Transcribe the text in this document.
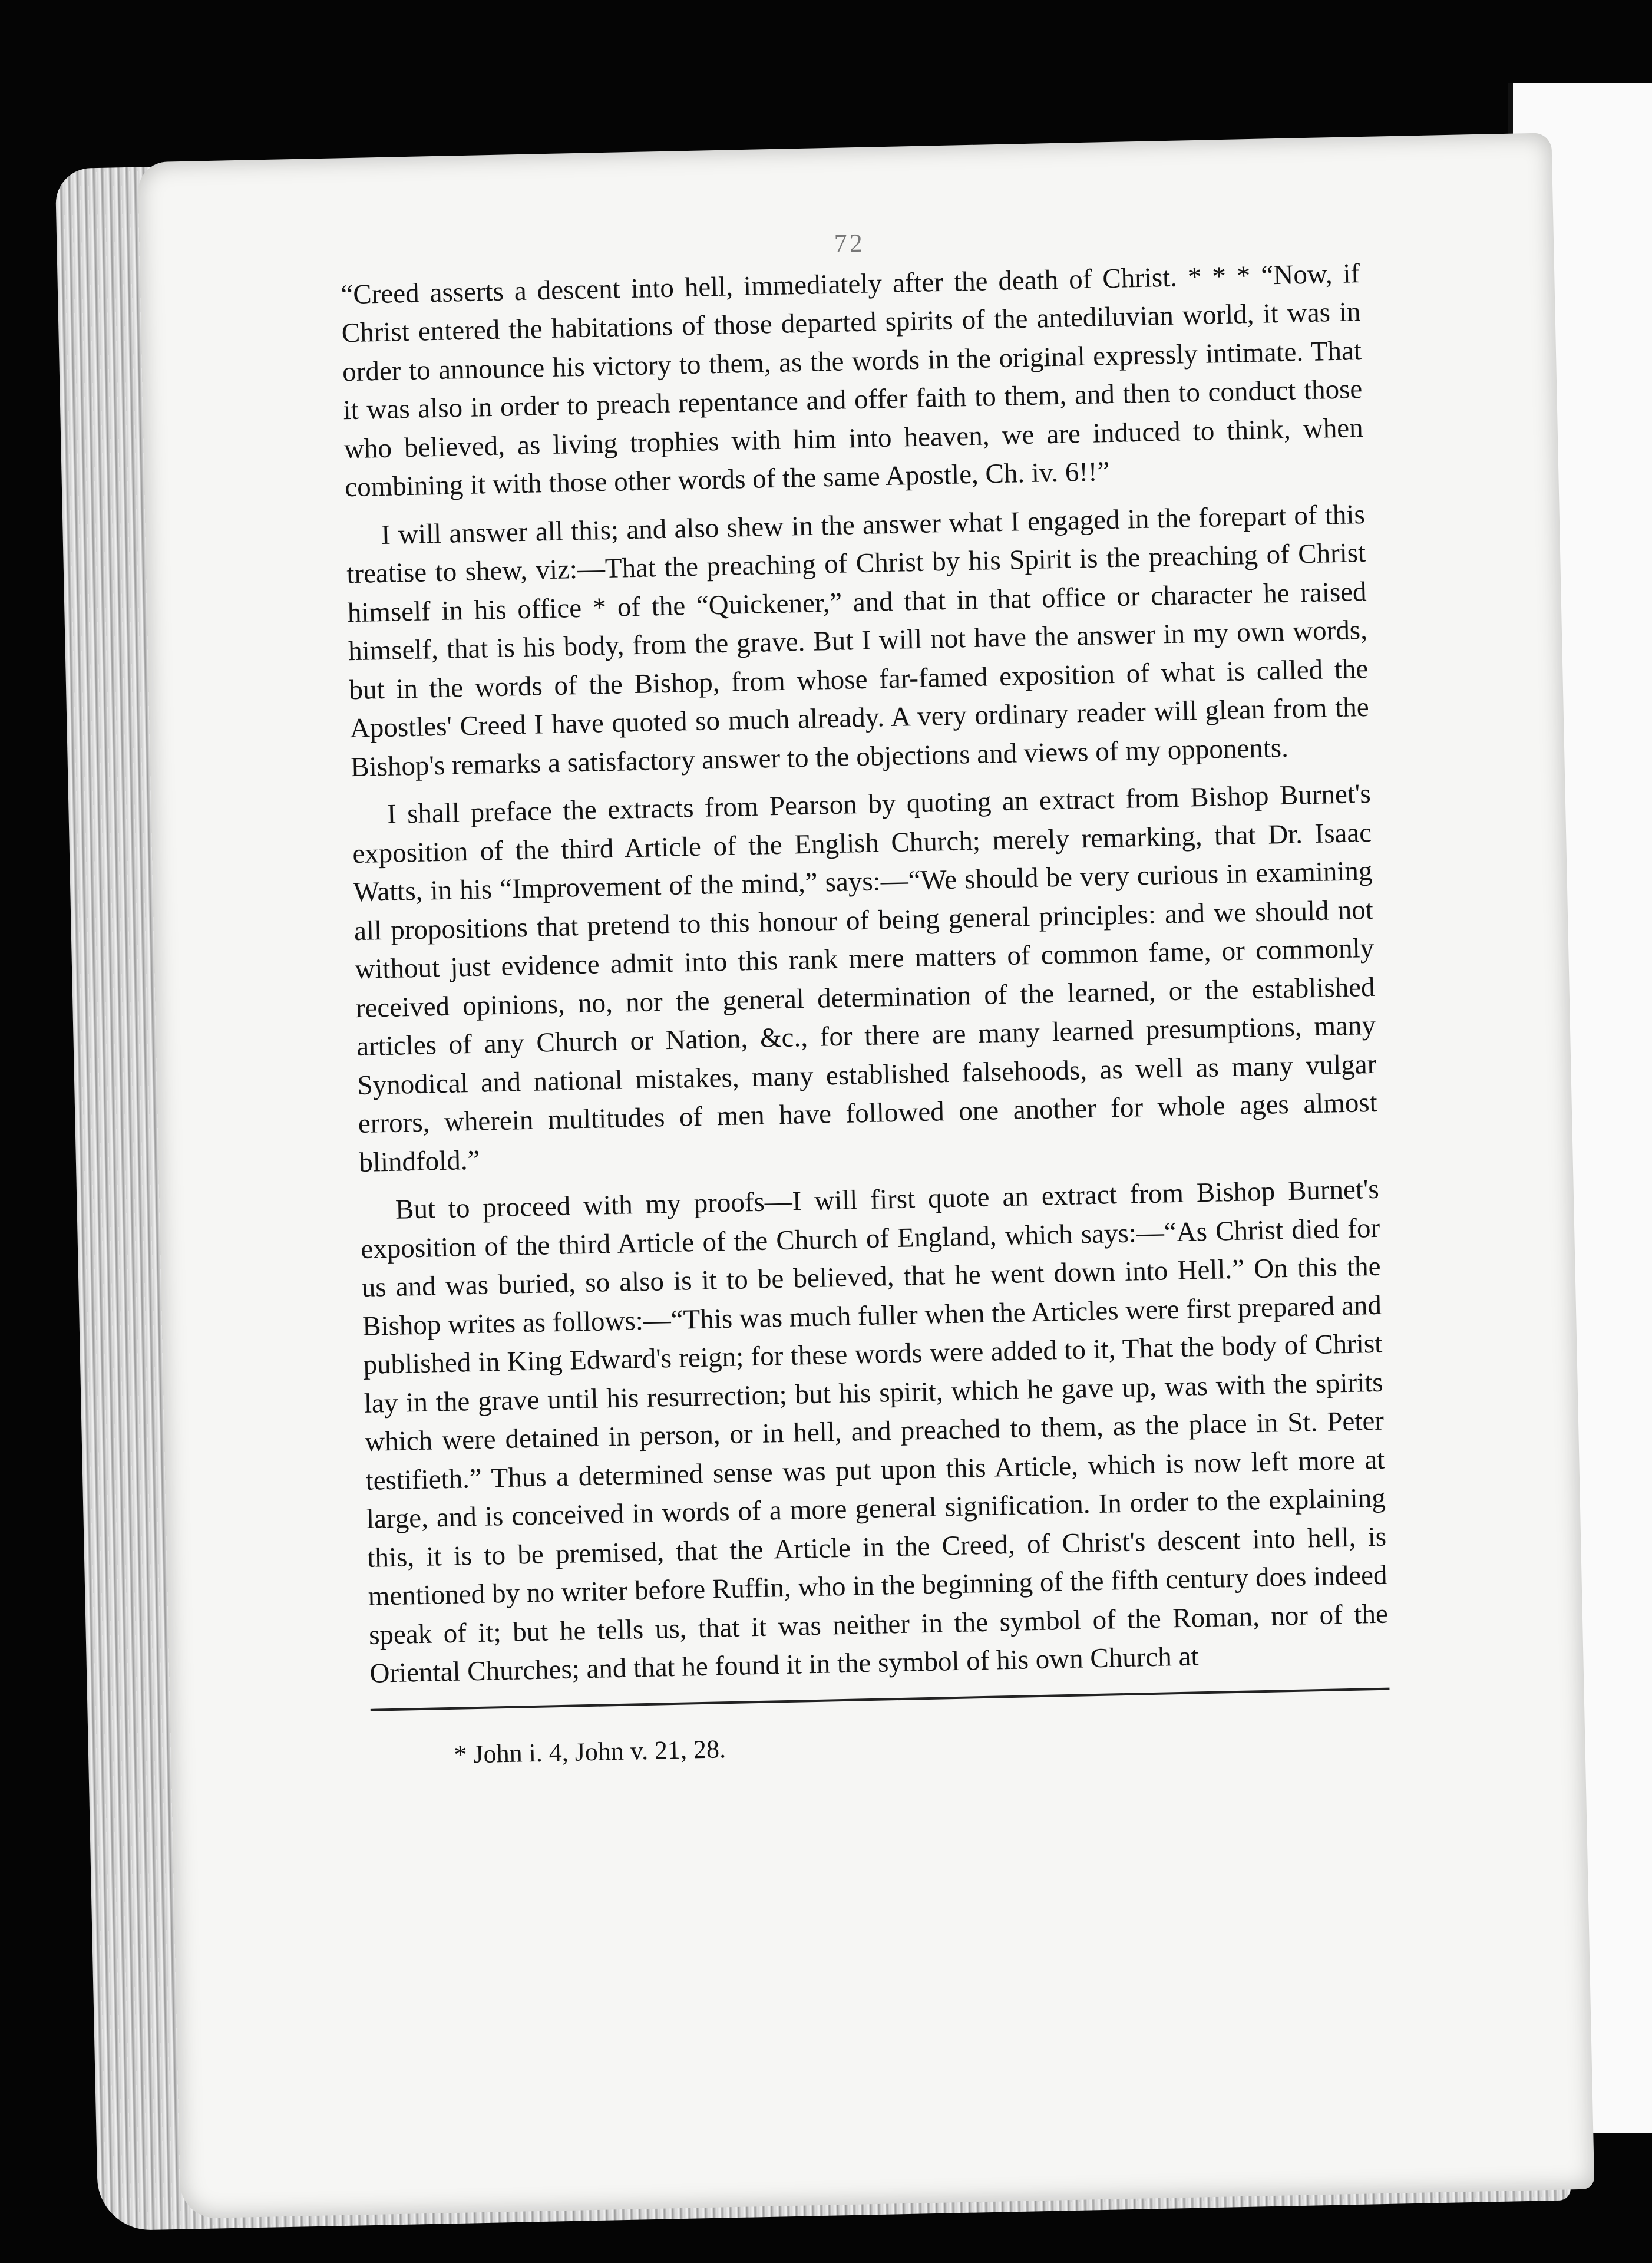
72

“Creed asserts a descent into hell, immediately after the death of Christ. * * * “Now, if Christ entered the habitations of those departed spirits of the antediluvian world, it was in order to announce his victory to them, as the words in the original expressly intimate. That it was also in order to preach repentance and offer faith to them, and then to conduct those who believed, as living trophies with him into heaven, we are induced to think, when combining it with those other words of the same Apostle, Ch. iv. 6!!”

I will answer all this; and also shew in the answer what I engaged in the forepart of this treatise to shew, viz:—That the preaching of Christ by his Spirit is the preaching of Christ himself in his office * of the “Quickener,” and that in that office or character he raised himself, that is his body, from the grave. But I will not have the answer in my own words, but in the words of the Bishop, from whose far-famed exposition of what is called the Apostles' Creed I have quoted so much already. A very ordinary reader will glean from the Bishop's remarks a satisfactory answer to the objections and views of my opponents.

I shall preface the extracts from Pearson by quoting an extract from Bishop Burnet's exposition of the third Article of the English Church; merely remarking, that Dr. Isaac Watts, in his “Improvement of the mind,” says:—“We should be very curious in examining all propositions that pretend to this honour of being general principles: and we should not without just evidence admit into this rank mere matters of common fame, or commonly received opinions, no, nor the general determination of the learned, or the established articles of any Church or Nation, &c., for there are many learned presumptions, many Synodical and national mistakes, many established falsehoods, as well as many vulgar errors, wherein multitudes of men have followed one another for whole ages almost blindfold.”

But to proceed with my proofs—I will first quote an extract from Bishop Burnet's exposition of the third Article of the Church of England, which says:—“As Christ died for us and was buried, so also is it to be believed, that he went down into Hell.” On this the Bishop writes as follows:—“This was much fuller when the Articles were first prepared and published in King Edward's reign; for these words were added to it, That the body of Christ lay in the grave until his resurrection; but his spirit, which he gave up, was with the spirits which were detained in person, or in hell, and preached to them, as the place in St. Peter testifieth.” Thus a determined sense was put upon this Article, which is now left more at large, and is conceived in words of a more general signification. In order to the explaining this, it is to be premised, that the Article in the Creed, of Christ's descent into hell, is mentioned by no writer before Ruffin, who in the beginning of the fifth century does indeed speak of it; but he tells us, that it was neither in the symbol of the Roman, nor of the Oriental Churches; and that he found it in the symbol of his own Church at

* John i. 4, John v. 21, 28.
